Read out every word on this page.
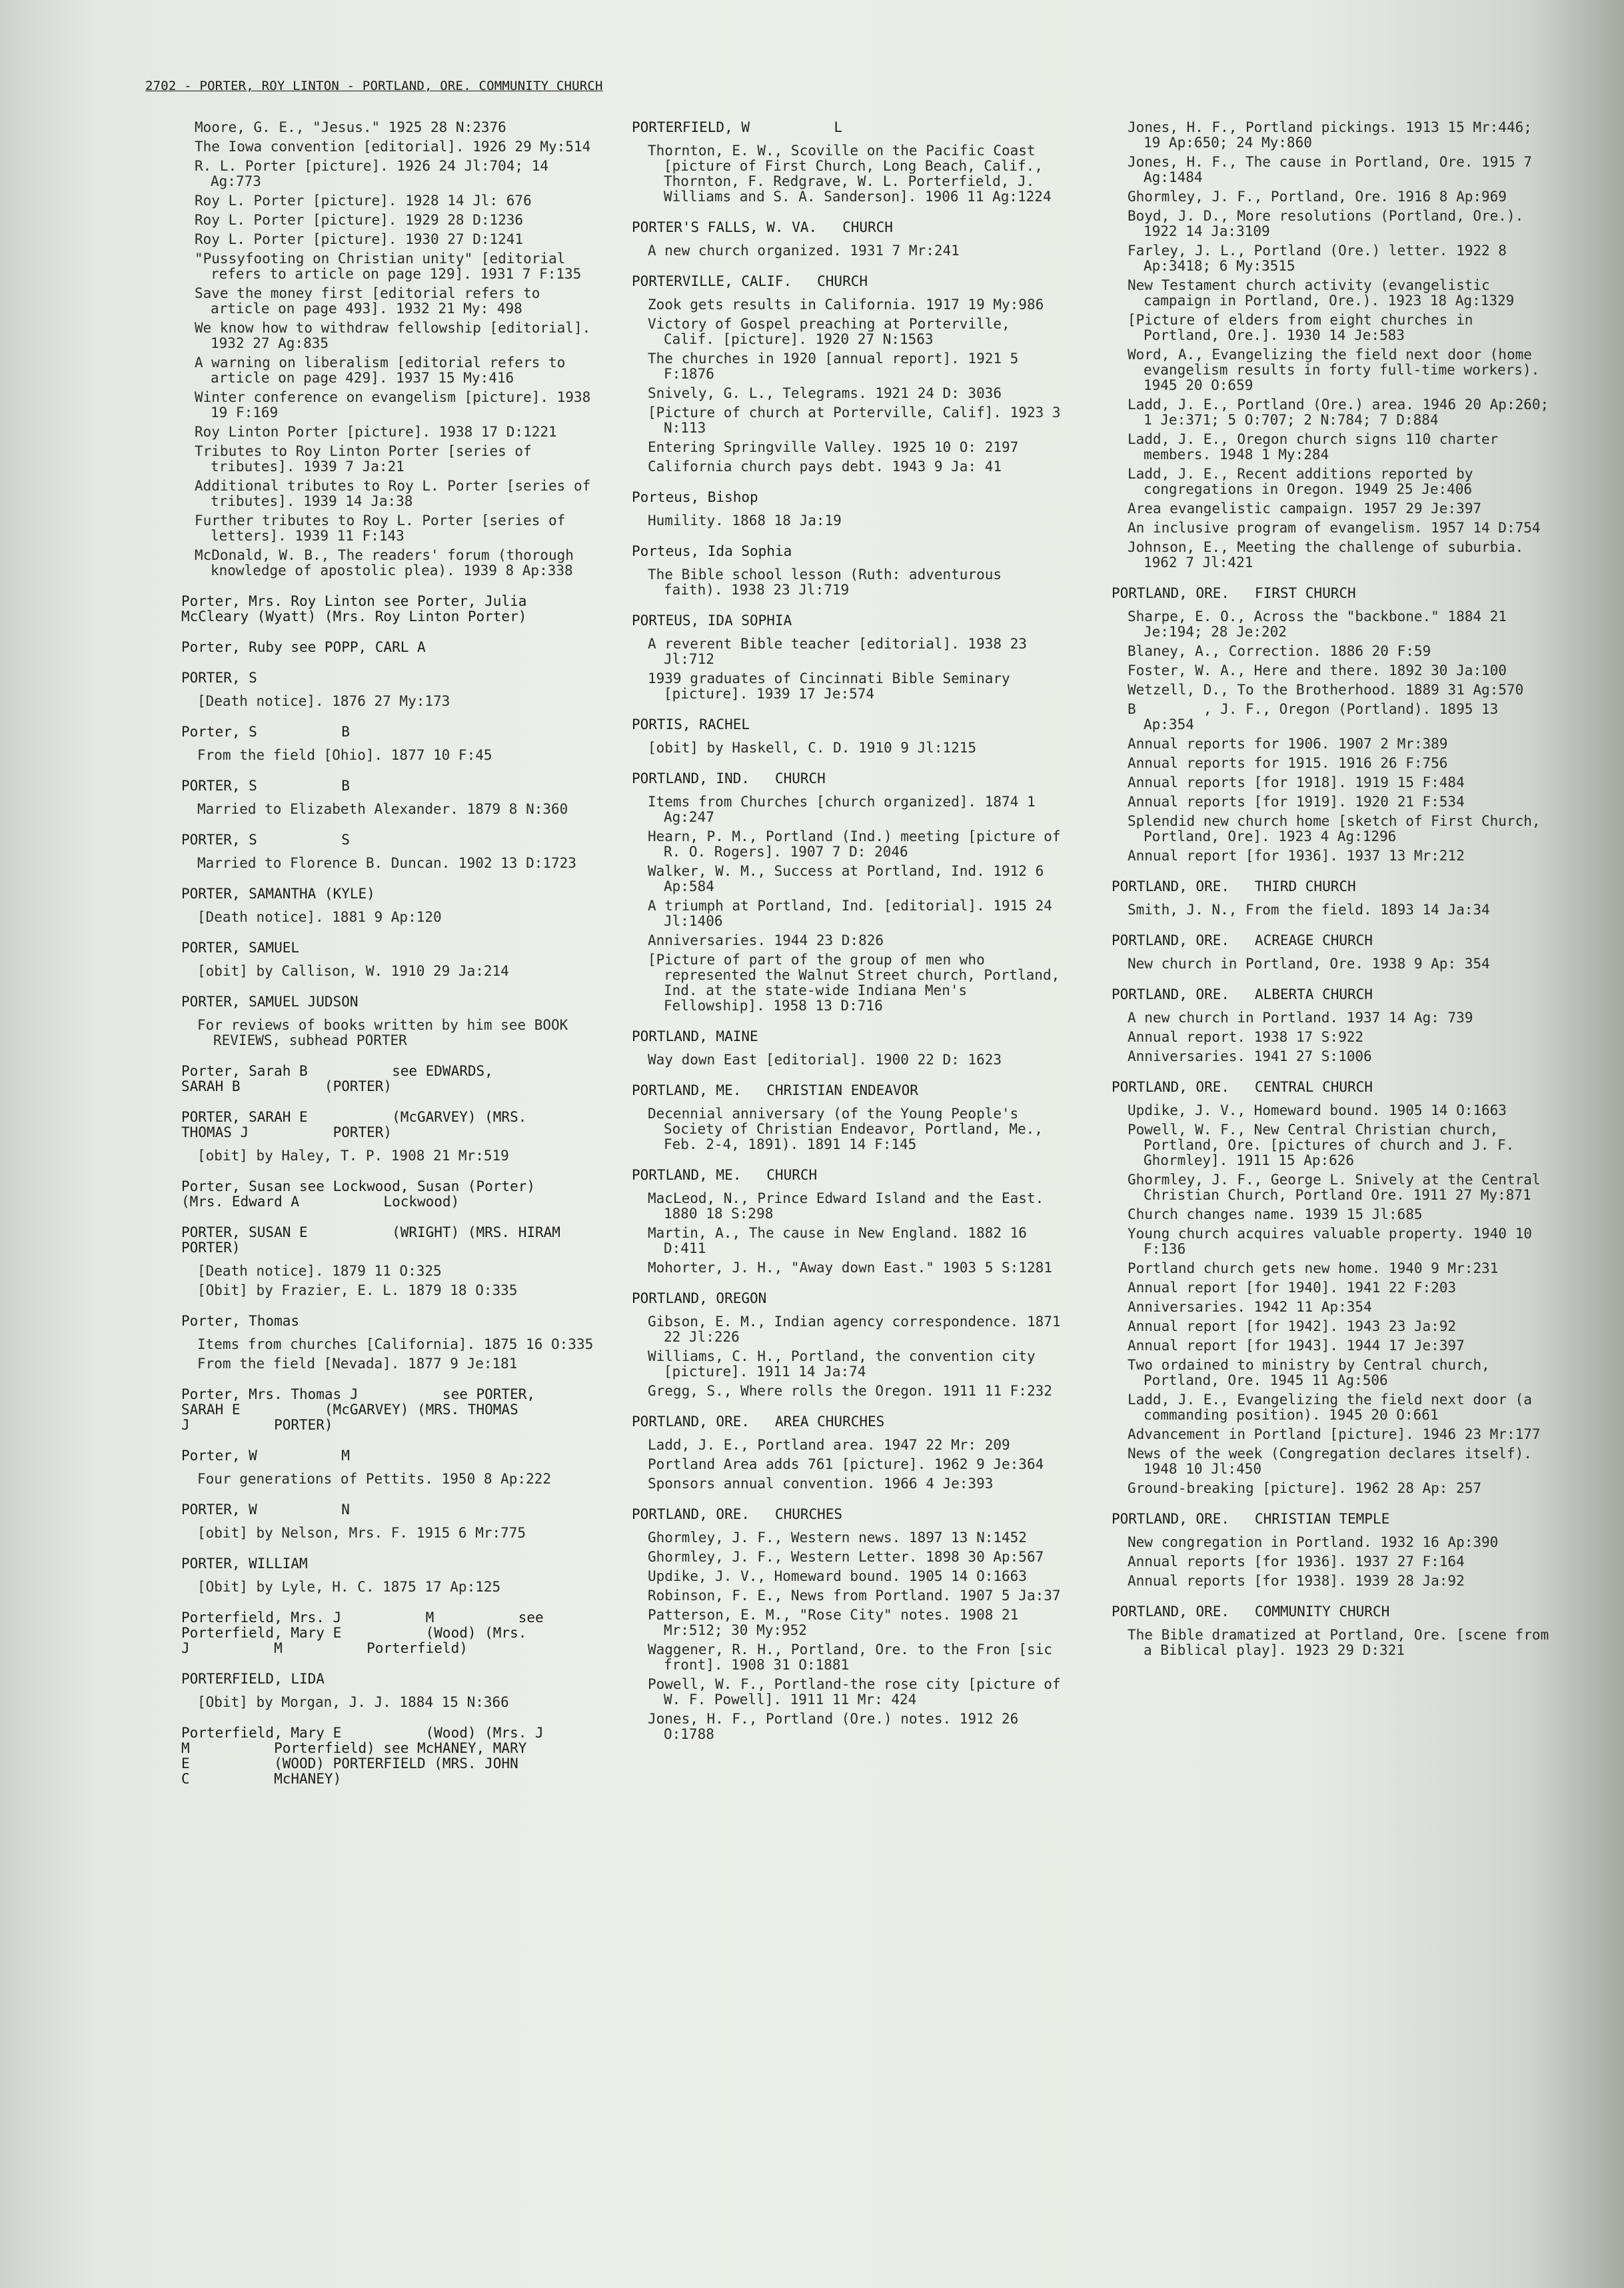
2702 - PORTER, ROY LINTON - PORTLAND, ORE. COMMUNITY CHURCH
Moore, G. E., "Jesus." 1925 28 N:2376
The Iowa convention [editorial]. 1926 29 My:514
R. L. Porter [picture]. 1926 24 Jl:704; 14 Ag:773
Roy L. Porter [picture]. 1928 14 Jl: 676
Roy L. Porter [picture]. 1929 28 D:1236
Roy L. Porter [picture]. 1930 27 D:1241
"Pussyfooting on Christian unity" [editorial refers to article on page 129]. 1931 7 F:135
Save the money first [editorial refers to article on page 493]. 1932 21 My: 498
We know how to withdraw fellowship [editorial]. 1932 27 Ag:835
A warning on liberalism [editorial refers to article on page 429]. 1937 15 My:416
Winter conference on evangelism [picture]. 1938 19 F:169
Roy Linton Porter [picture]. 1938 17 D:1221
Tributes to Roy Linton Porter [series of tributes]. 1939 7 Ja:21
Additional tributes to Roy L. Porter [series of tributes]. 1939 14 Ja:38
Further tributes to Roy L. Porter [series of letters]. 1939 11 F:143
McDonald, W. B., The readers' forum (thorough knowledge of apostolic plea). 1939 8 Ap:338
Porter, Mrs. Roy Linton see Porter, Julia McCleary (Wyatt) (Mrs. Roy Linton Porter)
Porter, Ruby see POPP, CARL A
PORTER, S
[Death notice]. 1876 27 My:173
Porter, S          B
From the field [Ohio]. 1877 10 F:45
PORTER, S          B
Married to Elizabeth Alexander. 1879 8 N:360
PORTER, S          S
Married to Florence B. Duncan. 1902 13 D:1723
PORTER, SAMANTHA (KYLE)
[Death notice]. 1881 9 Ap:120
PORTER, SAMUEL
[obit] by Callison, W. 1910 29 Ja:214
PORTER, SAMUEL JUDSON
For reviews of books written by him see BOOK REVIEWS, subhead PORTER
Porter, Sarah B          see EDWARDS,
SARAH B          (PORTER)
PORTER, SARAH E          (McGARVEY) (MRS.
THOMAS J          PORTER)
[obit] by Haley, T. P. 1908 21 Mr:519
Porter, Susan see Lockwood, Susan (Porter)
(Mrs. Edward A          Lockwood)
PORTER, SUSAN E          (WRIGHT) (MRS. HIRAM
PORTER)
[Death notice]. 1879 11 O:325
[Obit] by Frazier, E. L. 1879 18 O:335
Porter, Thomas
Items from churches [California]. 1875 16 O:335
From the field [Nevada]. 1877 9 Je:181
Porter, Mrs. Thomas J          see PORTER,
SARAH E          (McGARVEY) (MRS. THOMAS
J          PORTER)
Porter, W          M
Four generations of Pettits. 1950 8 Ap:222
PORTER, W          N
[obit] by Nelson, Mrs. F. 1915 6 Mr:775
PORTER, WILLIAM
[Obit] by Lyle, H. C. 1875 17 Ap:125
Porterfield, Mrs. J          M          see
Porterfield, Mary E          (Wood) (Mrs.
J          M          Porterfield)
PORTERFIELD, LIDA
[Obit] by Morgan, J. J. 1884 15 N:366
Porterfield, Mary E          (Wood) (Mrs. J
M          Porterfield) see McHANEY, MARY
E          (WOOD) PORTERFIELD (MRS. JOHN
C          McHANEY)
PORTERFIELD, W          L
Thornton, E. W., Scoville on the Pacific Coast [picture of First Church, Long Beach, Calif., Thornton, F. Redgrave, W. L. Porterfield, J. Williams and S. A. Sanderson]. 1906 11 Ag:1224
PORTER'S FALLS, W. VA.   CHURCH
A new church organized. 1931 7 Mr:241
PORTERVILLE, CALIF.   CHURCH
Zook gets results in California. 1917 19 My:986
Victory of Gospel preaching at Porterville, Calif. [picture]. 1920 27 N:1563
The churches in 1920 [annual report]. 1921 5 F:1876
Snively, G. L., Telegrams. 1921 24 D: 3036
[Picture of church at Porterville, Calif]. 1923 3 N:113
Entering Springville Valley. 1925 10 O: 2197
California church pays debt. 1943 9 Ja: 41
Porteus, Bishop
Humility. 1868 18 Ja:19
Porteus, Ida Sophia
The Bible school lesson (Ruth: adventurous faith). 1938 23 Jl:719
PORTEUS, IDA SOPHIA
A reverent Bible teacher [editorial]. 1938 23 Jl:712
1939 graduates of Cincinnati Bible Seminary [picture]. 1939 17 Je:574
PORTIS, RACHEL
[obit] by Haskell, C. D. 1910 9 Jl:1215
PORTLAND, IND.   CHURCH
Items from Churches [church organized]. 1874 1 Ag:247
Hearn, P. M., Portland (Ind.) meeting [picture of R. O. Rogers]. 1907 7 D: 2046
Walker, W. M., Success at Portland, Ind. 1912 6 Ap:584
A triumph at Portland, Ind. [editorial]. 1915 24 Jl:1406
Anniversaries. 1944 23 D:826
[Picture of part of the group of men who represented the Walnut Street church, Portland, Ind. at the state-wide Indiana Men's Fellowship]. 1958 13 D:716
PORTLAND, MAINE
Way down East [editorial]. 1900 22 D: 1623
PORTLAND, ME.   CHRISTIAN ENDEAVOR
Decennial anniversary (of the Young People's Society of Christian Endeavor, Portland, Me., Feb. 2-4, 1891). 1891 14 F:145
PORTLAND, ME.   CHURCH
MacLeod, N., Prince Edward Island and the East. 1880 18 S:298
Martin, A., The cause in New England. 1882 16 D:411
Mohorter, J. H., "Away down East." 1903 5 S:1281
PORTLAND, OREGON
Gibson, E. M., Indian agency correspondence. 1871 22 Jl:226
Williams, C. H., Portland, the convention city [picture]. 1911 14 Ja:74
Gregg, S., Where rolls the Oregon. 1911 11 F:232
PORTLAND, ORE.   AREA CHURCHES
Ladd, J. E., Portland area. 1947 22 Mr: 209
Portland Area adds 761 [picture]. 1962 9 Je:364
Sponsors annual convention. 1966 4 Je:393
PORTLAND, ORE.   CHURCHES
Ghormley, J. F., Western news. 1897 13 N:1452
Ghormley, J. F., Western Letter. 1898 30 Ap:567
Updike, J. V., Homeward bound. 1905 14 O:1663
Robinson, F. E., News from Portland. 1907 5 Ja:37
Patterson, E. M., "Rose City" notes. 1908 21 Mr:512; 30 My:952
Waggener, R. H., Portland, Ore. to the Fron [sic front]. 1908 31 O:1881
Powell, W. F., Portland-the rose city [picture of W. F. Powell]. 1911 11 Mr: 424
Jones, H. F., Portland (Ore.) notes. 1912 26 O:1788
Jones, H. F., Portland pickings. 1913 15 Mr:446; 19 Ap:650; 24 My:860
Jones, H. F., The cause in Portland, Ore. 1915 7 Ag:1484
Ghormley, J. F., Portland, Ore. 1916 8 Ap:969
Boyd, J. D., More resolutions (Portland, Ore.). 1922 14 Ja:3109
Farley, J. L., Portland (Ore.) letter. 1922 8 Ap:3418; 6 My:3515
New Testament church activity (evangelistic campaign in Portland, Ore.). 1923 18 Ag:1329
[Picture of elders from eight churches in Portland, Ore.]. 1930 14 Je:583
Word, A., Evangelizing the field next door (home evangelism results in forty full-time workers). 1945 20 O:659
Ladd, J. E., Portland (Ore.) area. 1946 20 Ap:260; 1 Je:371; 5 O:707; 2 N:784; 7 D:884
Ladd, J. E., Oregon church signs 110 charter members. 1948 1 My:284
Ladd, J. E., Recent additions reported by congregations in Oregon. 1949 25 Je:406
Area evangelistic campaign. 1957 29 Je:397
An inclusive program of evangelism. 1957 14 D:754
Johnson, E., Meeting the challenge of suburbia. 1962 7 Jl:421
PORTLAND, ORE.   FIRST CHURCH
Sharpe, E. O., Across the "backbone." 1884 21 Je:194; 28 Je:202
Blaney, A., Correction. 1886 20 F:59
Foster, W. A., Here and there. 1892 30 Ja:100
Wetzell, D., To the Brotherhood. 1889 31 Ag:570
B        , J. F., Oregon (Portland). 1895 13 Ap:354
Annual reports for 1906. 1907 2 Mr:389
Annual reports for 1915. 1916 26 F:756
Annual reports [for 1918]. 1919 15 F:484
Annual reports [for 1919]. 1920 21 F:534
Splendid new church home [sketch of First Church, Portland, Ore]. 1923 4 Ag:1296
Annual report [for 1936]. 1937 13 Mr:212
PORTLAND, ORE.   THIRD CHURCH
Smith, J. N., From the field. 1893 14 Ja:34
PORTLAND, ORE.   ACREAGE CHURCH
New church in Portland, Ore. 1938 9 Ap: 354
PORTLAND, ORE.   ALBERTA CHURCH
A new church in Portland. 1937 14 Ag: 739
Annual report. 1938 17 S:922
Anniversaries. 1941 27 S:1006
PORTLAND, ORE.   CENTRAL CHURCH
Updike, J. V., Homeward bound. 1905 14 O:1663
Powell, W. F., New Central Christian church, Portland, Ore. [pictures of church and J. F. Ghormley]. 1911 15 Ap:626
Ghormley, J. F., George L. Snively at the Central Christian Church, Portland Ore. 1911 27 My:871
Church changes name. 1939 15 Jl:685
Young church acquires valuable property. 1940 10 F:136
Portland church gets new home. 1940 9 Mr:231
Annual report [for 1940]. 1941 22 F:203
Anniversaries. 1942 11 Ap:354
Annual report [for 1942]. 1943 23 Ja:92
Annual report [for 1943]. 1944 17 Je:397
Two ordained to ministry by Central church, Portland, Ore. 1945 11 Ag:506
Ladd, J. E., Evangelizing the field next door (a commanding position). 1945 20 O:661
Advancement in Portland [picture]. 1946 23 Mr:177
News of the week (Congregation declares itself). 1948 10 Jl:450
Ground-breaking [picture]. 1962 28 Ap: 257
PORTLAND, ORE.   CHRISTIAN TEMPLE
New congregation in Portland. 1932 16 Ap:390
Annual reports [for 1936]. 1937 27 F:164
Annual reports [for 1938]. 1939 28 Ja:92
PORTLAND, ORE.   COMMUNITY CHURCH
The Bible dramatized at Portland, Ore. [scene from a Biblical play]. 1923 29 D:321
